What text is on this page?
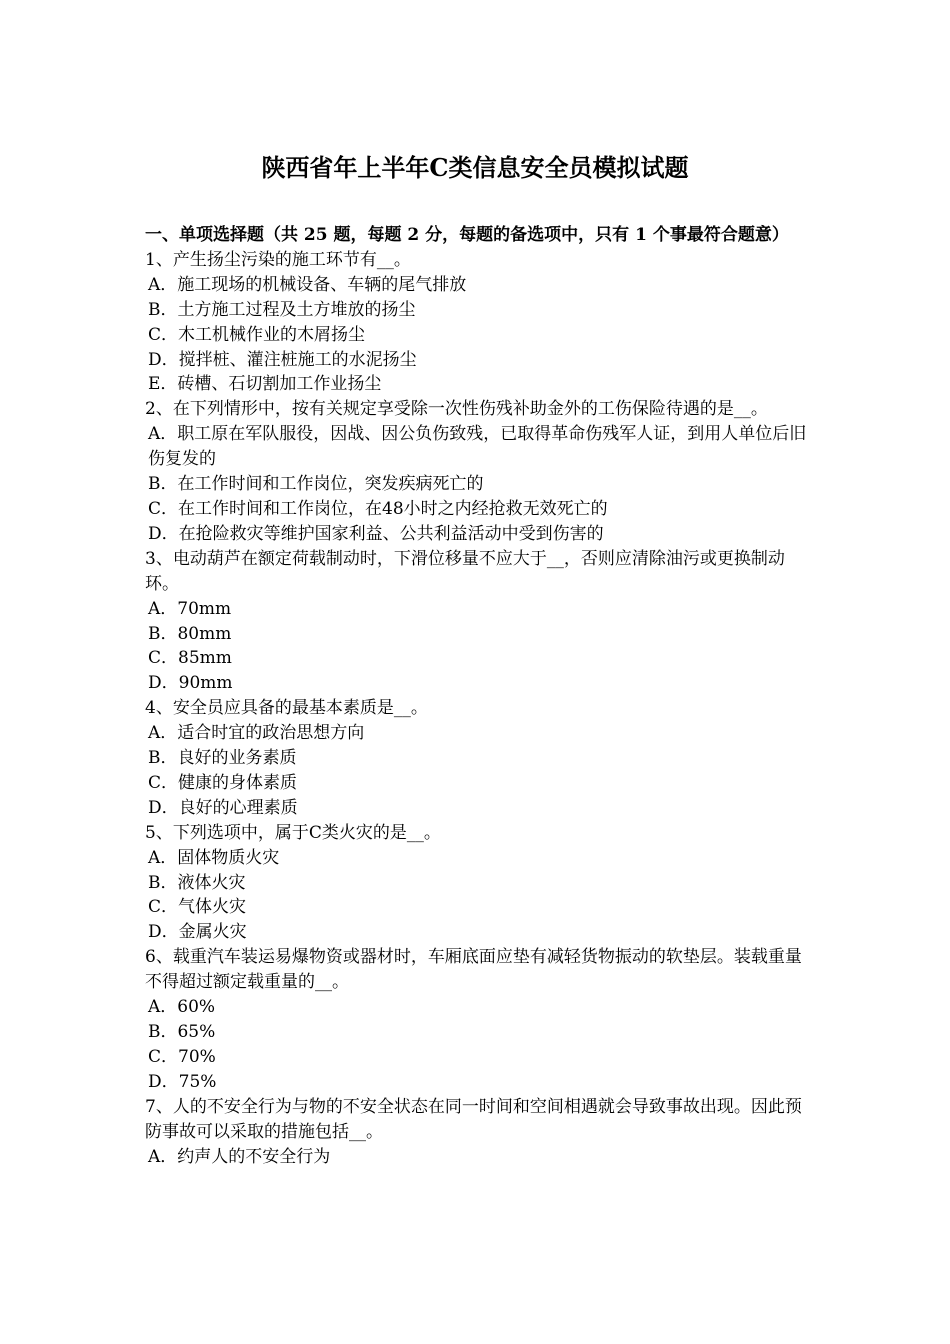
陕西省年上半年C类信息安全员模拟试题

一、单项选择题（共 25 题，每题 2 分，每题的备选项中，只有 1 个事最符合题意）

1、产生扬尘污染的施工环节有__。

A．施工现场的机械设备、车辆的尾气排放

B．土方施工过程及土方堆放的扬尘

C．木工机械作业的木屑扬尘

D．搅拌桩、灌注桩施工的水泥扬尘

E．砖槽、石切割加工作业扬尘

2、在下列情形中，按有关规定享受除一次性伤残补助金外的工伤保险待遇的是__。

A．职工原在军队服役，因战、因公负伤致残，已取得革命伤残军人证，到用人单位后旧伤复发的

B．在工作时间和工作岗位，突发疾病死亡的

C．在工作时间和工作岗位，在48小时之内经抢救无效死亡的

D．在抢险救灾等维护国家利益、公共利益活动中受到伤害的

3、电动葫芦在额定荷载制动时，下滑位移量不应大于__，否则应清除油污或更换制动环。

A．70mm

B．80mm

C．85mm

D．90mm

4、安全员应具备的最基本素质是__。

A．适合时宜的政治思想方向

B．良好的业务素质

C．健康的身体素质

D．良好的心理素质

5、下列选项中，属于C类火灾的是__。

A．固体物质火灾

B．液体火灾

C．气体火灾

D．金属火灾

6、载重汽车装运易爆物资或器材时，车厢底面应垫有减轻货物振动的软垫层。装载重量不得超过额定载重量的__。

A．60%

B．65%

C．70%

D．75%

7、人的不安全行为与物的不安全状态在同一时间和空间相遇就会导致事故出现。因此预防事故可以采取的措施包括__。

A．约声人的不安全行为
